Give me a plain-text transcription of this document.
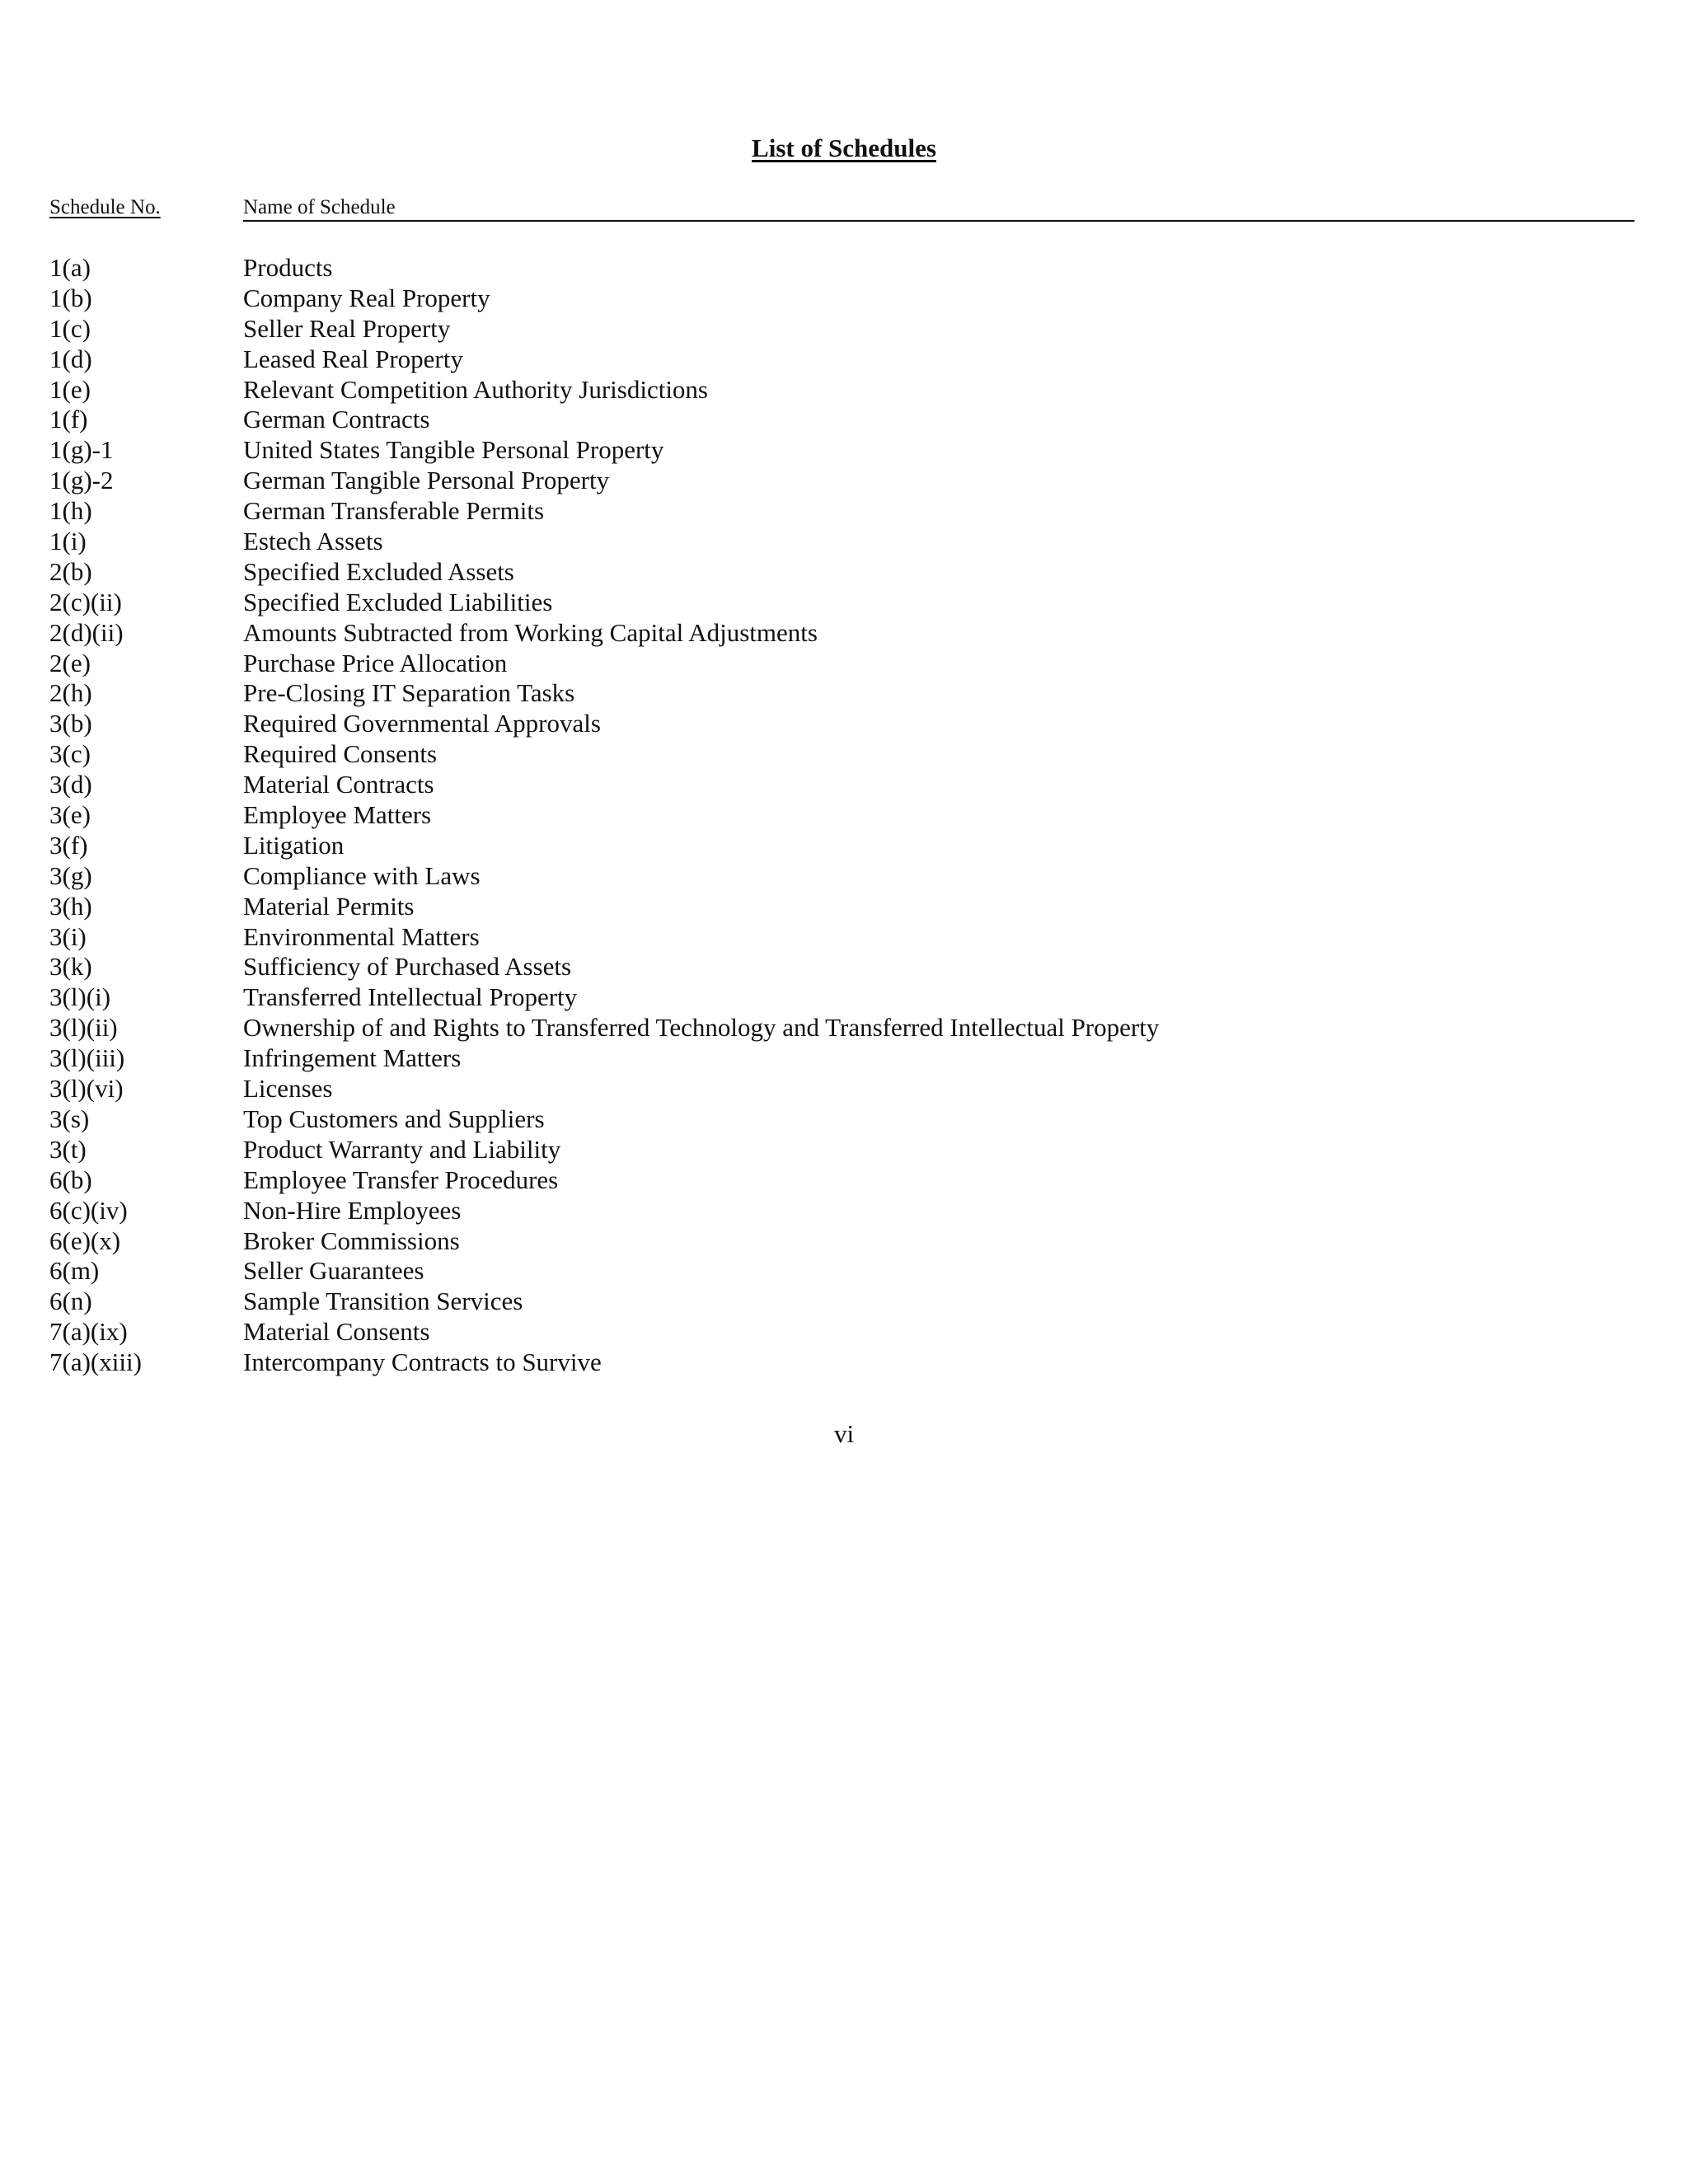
List of Schedules
Schedule No.	Name of Schedule
1(a)	Products
1(b)	Company Real Property
1(c)	Seller Real Property
1(d)	Leased Real Property
1(e)	Relevant Competition Authority Jurisdictions
1(f)	German Contracts
1(g)-1	United States Tangible Personal Property
1(g)-2	German Tangible Personal Property
1(h)	German Transferable Permits
1(i)	Estech Assets
2(b)	Specified Excluded Assets
2(c)(ii)	Specified Excluded Liabilities
2(d)(ii)	Amounts Subtracted from Working Capital Adjustments
2(e)	Purchase Price Allocation
2(h)	Pre-Closing IT Separation Tasks
3(b)	Required Governmental Approvals
3(c)	Required Consents
3(d)	Material Contracts
3(e)	Employee Matters
3(f)	Litigation
3(g)	Compliance with Laws
3(h)	Material Permits
3(i)	Environmental Matters
3(k)	Sufficiency of Purchased Assets
3(l)(i)	Transferred Intellectual Property
3(l)(ii)	Ownership of and Rights to Transferred Technology and Transferred Intellectual Property
3(l)(iii)	Infringement Matters
3(l)(vi)	Licenses
3(s)	Top Customers and Suppliers
3(t)	Product Warranty and Liability
6(b)	Employee Transfer Procedures
6(c)(iv)	Non-Hire Employees
6(e)(x)	Broker Commissions
6(m)	Seller Guarantees
6(n)	Sample Transition Services
7(a)(ix)	Material Consents
7(a)(xiii)	Intercompany Contracts to Survive
vi
